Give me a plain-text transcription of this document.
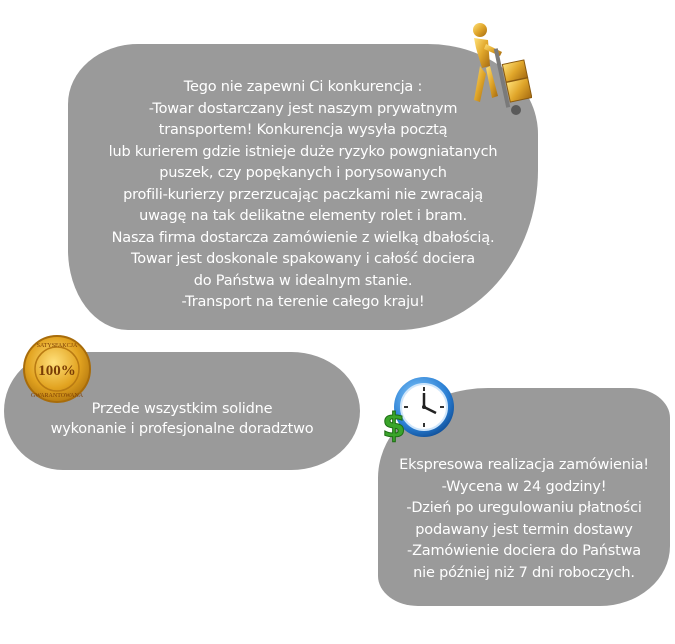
Tego nie zapewni Ci konkurencja :
-Towar dostarczany jest naszym prywatnym
transportem! Konkurencja wysyła pocztą
lub kurierem gdzie istnieje duże ryzyko powgniatanych
puszek, czy popękanych i porysowanych
profili-kurierzy przerzucając paczkami nie zwracają
uwagę na tak delikatne elementy rolet i bram.
Nasza firma dostarcza zamówienie z wielką dbałością.
Towar jest doskonale spakowany i całość dociera
do Państwa w idealnym stanie.
-Transport na terenie całego kraju!
Przede wszystkim solidne
wykonanie i profesjonalne doradztwo
Ekspresowa realizacja zamówienia!
-Wycena w 24 godziny!
-Dzień po uregulowaniu płatności
podawany jest termin dostawy
-Zamówienie dociera do Państwa
nie później niż 7 dni roboczych.
100%
SATYSFAKCJA
GWARANTOWANA
$
